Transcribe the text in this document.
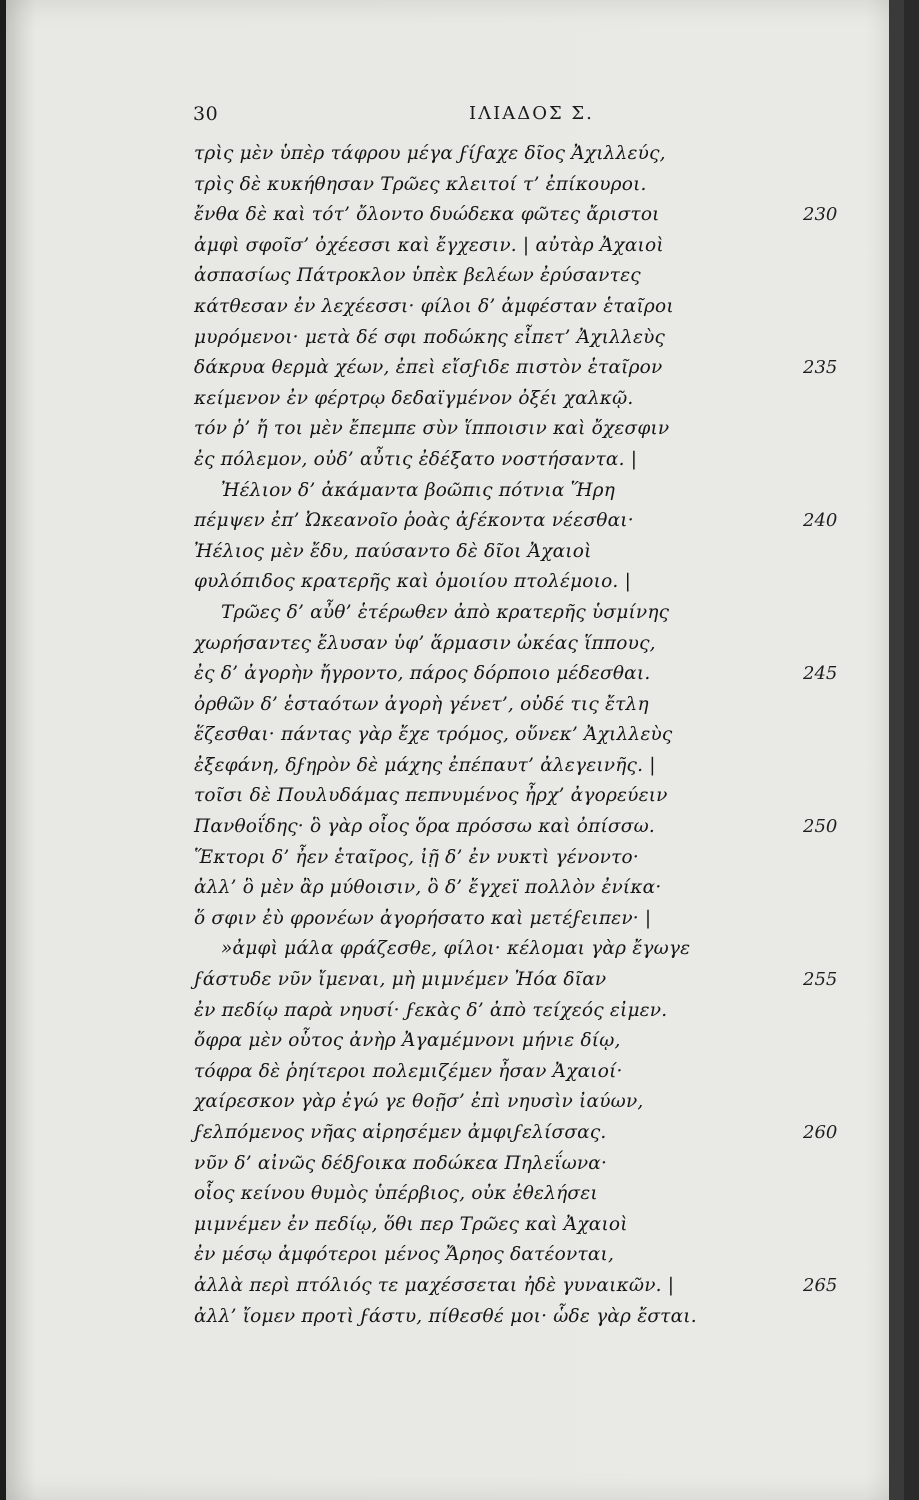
30	ΙΛΙΑΔΟΣ Σ.
τρὶς μὲν ὑπὲρ τάφρου μέγα ϝίϝαχε δῖος Ἀχιλλεύς,
τρὶς δὲ κυκήθησαν Τρῶες κλειτοί τ’ ἐπίκουροι.
ἔνθα δὲ καὶ τότ’ ὄλοντο δυώδεκα φῶτες ἄριστοι	230
ἀμφὶ σφοῖσ’ ὀχέεσσι καὶ ἔγχεσιν. | αὐτὰρ Ἀχαιοὶ
ἀσπασίως Πάτροκλον ὑπὲκ βελέων ἐρύσαντες
κάτθεσαν ἐν λεχέεσσι· φίλοι δ’ ἀμφέσταν ἑταῖροι
μυρόμενοι· μετὰ δέ σφι ποδώκης εἶπετ’ Ἀχιλλεὺς
δάκρυα θερμὰ χέων, ἐπεὶ εἴσϝιδε πιστὸν ἑταῖρον	235
κείμενον ἐν φέρτρῳ δεδαϊγμένον ὀξέι χαλκῷ.
τόν ῥ’ ἤ τοι μὲν ἔπεμπε σὺν ἵπποισιν καὶ ὄχεσφιν
ἐς πόλεμον, οὐδ’ αὖτις ἐδέξατο νοστήσαντα. |
Ἠέλιον δ’ ἀκάμαντα βοῶπις πότνια Ἥρη
πέμψεν ἐπ’ Ὠκεανοῖο ῥοὰς ἀϝέκοντα νέεσθαι·	240
Ἠέλιος μὲν ἔδυ, παύσαντο δὲ δῖοι Ἀχαιοὶ
φυλόπιδος κρατερῆς καὶ ὁμοιίου πτολέμοιο. |
Τρῶες δ’ αὖθ’ ἑτέρωθεν ἀπὸ κρατερῆς ὑσμίνης
χωρήσαντες ἔλυσαν ὑφ’ ἅρμασιν ὠκέας ἵππους,
ἐς δ’ ἀγορὴν ἤγροντο, πάρος δόρποιο μέδεσθαι.	245
ὀρθῶν δ’ ἑσταότων ἀγορὴ γένετ’, οὐδέ τις ἔτλη
ἕζεσθαι· πάντας γὰρ ἔχε τρόμος, οὕνεκ’ Ἀχιλλεὺς
ἐξεφάνη, δϝηρὸν δὲ μάχης ἐπέπαυτ’ ἀλεγεινῆς. |
τοῖσι δὲ Πουλυδάμας πεπνυμένος ἦρχ’ ἀγορεύειν
Πανθοΐδης· ὃ γὰρ οἶος ὅρα πρόσσω καὶ ὀπίσσω.	250
Ἕκτορι δ’ ἦεν ἑταῖρος, ἰῇ δ’ ἐν νυκτὶ γένοντο·
ἀλλ’ ὃ μὲν ἂρ μύθοισιν, ὃ δ’ ἔγχεϊ πολλὸν ἐνίκα·
ὅ σφιν ἐὺ φρονέων ἀγορήσατο καὶ μετέϝειπεν· |
»ἀμφὶ μάλα φράζεσθε, φίλοι· κέλομαι γὰρ ἔγωγε
ϝάστυδε νῦν ἴμεναι, μὴ μιμνέμεν Ἠόα δῖαν	255
ἐν πεδίῳ παρὰ νηυσί· ϝεκὰς δ’ ἀπὸ τείχεός εἰμεν.
ὄφρα μὲν οὗτος ἀνὴρ Ἀγαμέμνονι μήνιε δίῳ,
τόφρα δὲ ῥηίτεροι πολεμιζέμεν ἦσαν Ἀχαιοί·
χαίρεσκον γὰρ ἐγώ γε θοῇσ’ ἐπὶ νηυσὶν ἰαύων,
ϝελπόμενος νῆας αἱρησέμεν ἀμφιϝελίσσας.	260
νῦν δ’ αἰνῶς δέδϝοικα ποδώκεα Πηλεΐωνα·
οἷος κείνου θυμὸς ὑπέρβιος, οὐκ ἐθελήσει
μιμνέμεν ἐν πεδίῳ, ὅθι περ Τρῶες καὶ Ἀχαιοὶ
ἐν μέσῳ ἀμφότεροι μένος Ἄρηος δατέονται,
ἀλλὰ περὶ πτόλιός τε μαχέσσεται ἠδὲ γυναικῶν. |	265
ἀλλ’ ἴομεν προτὶ ϝάστυ, πίθεσθέ μοι· ὧδε γὰρ ἔσται.
